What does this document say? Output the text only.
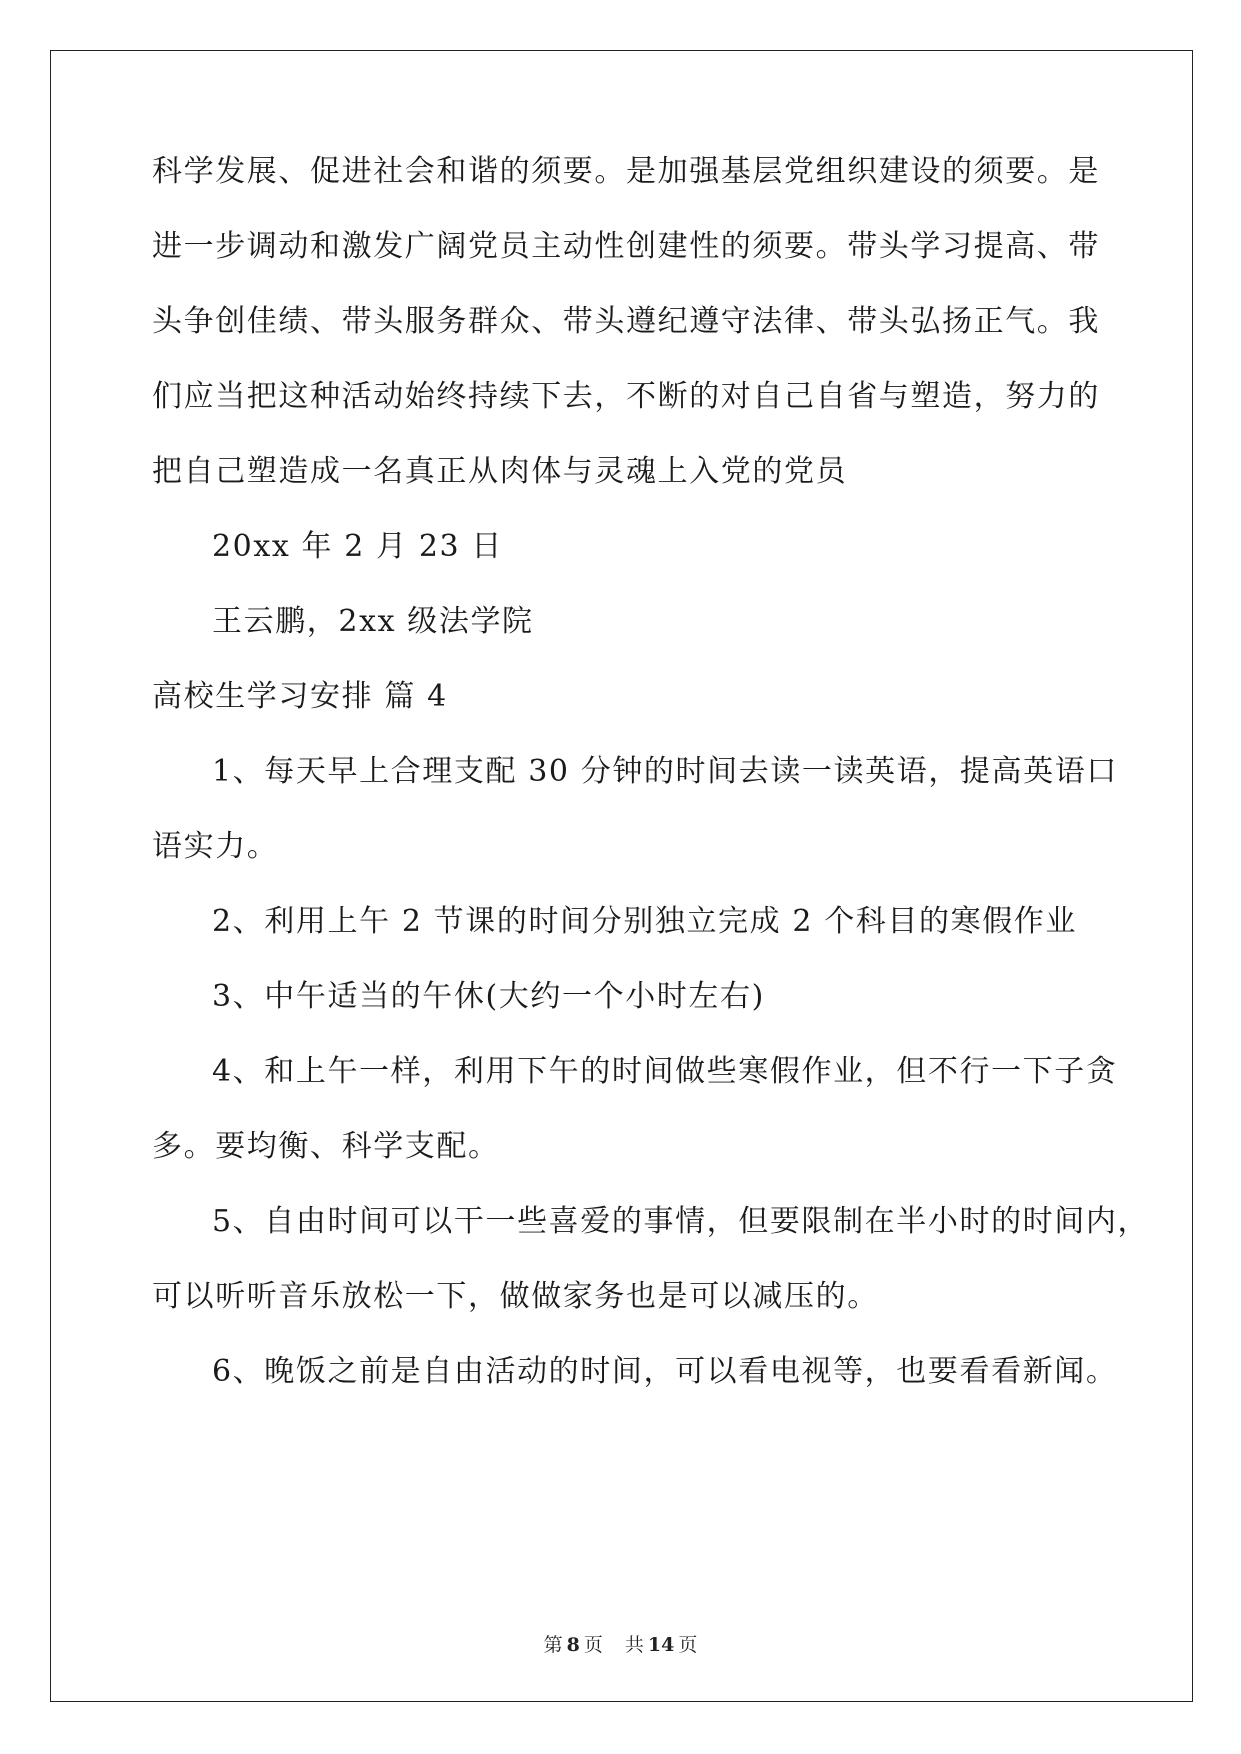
科学发展、促进社会和谐的须要。是加强基层党组织建设的须要。是
进一步调动和激发广阔党员主动性创建性的须要。带头学习提高、带
头争创佳绩、带头服务群众、带头遵纪遵守法律、带头弘扬正气。我
们应当把这种活动始终持续下去，不断的对自己自省与塑造，努力的
把自己塑造成一名真正从肉体与灵魂上入党的党员
20xx 年 2 月 23 日
王云鹏，2xx 级法学院
高校生学习安排 篇 4
1、每天早上合理支配 30 分钟的时间去读一读英语，提高英语口
语实力。
2、利用上午 2 节课的时间分别独立完成 2 个科目的寒假作业
3、中午适当的午休(大约一个小时左右)
4、和上午一样，利用下午的时间做些寒假作业，但不行一下子贪
多。要均衡、科学支配。
5、自由时间可以干一些喜爱的事情，但要限制在半小时的时间内，
可以听听音乐放松一下，做做家务也是可以减压的。
6、晚饭之前是自由活动的时间，可以看电视等，也要看看新闻。
第 8 页 共 14 页
